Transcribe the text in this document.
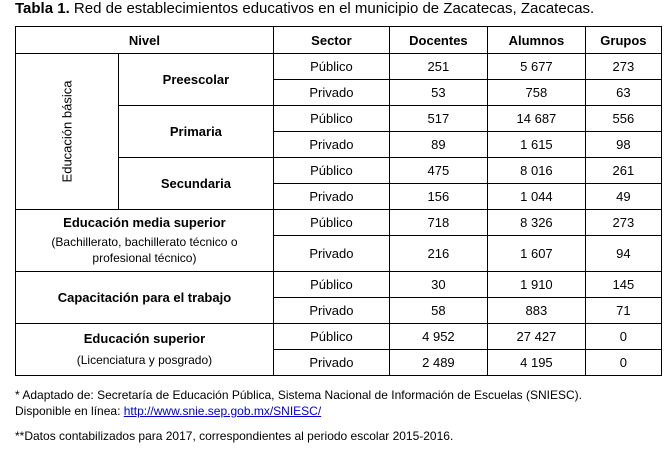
Tabla 1. Red de establecimientos educativos en el municipio de Zacatecas, Zacatecas.
Nivel		Sector	Docentes	Alumnos	Grupos
Educación básica	Preescolar	Público	251	5 677	273
		Privado	53	758	63
	Primaria	Público	517	14 687	556
		Privado	89	1 615	98
	Secundaria	Público	475	8 016	261
		Privado	156	1 044	49

Educación media superior
(Bachillerato, bachillerato técnico o profesional técnico)		Público	718	8 326	273
		Privado	216	1 607	94
Capacitación para el trabajo		Público	30	1 910	145
		Privado	58	883	71

Educación superior
(Licenciatura y posgrado)		Público	4 952	27 427	0
		Privado	2 489	4 195	0
* Adaptado de: Secretaría de Educación Pública, Sistema Nacional de Información de Escuelas (SNIESC). Disponible en línea: http://www.snie.sep.gob.mx/SNIESC/
**Datos contabilizados para 2017, correspondientes al periodo escolar 2015-2016.
